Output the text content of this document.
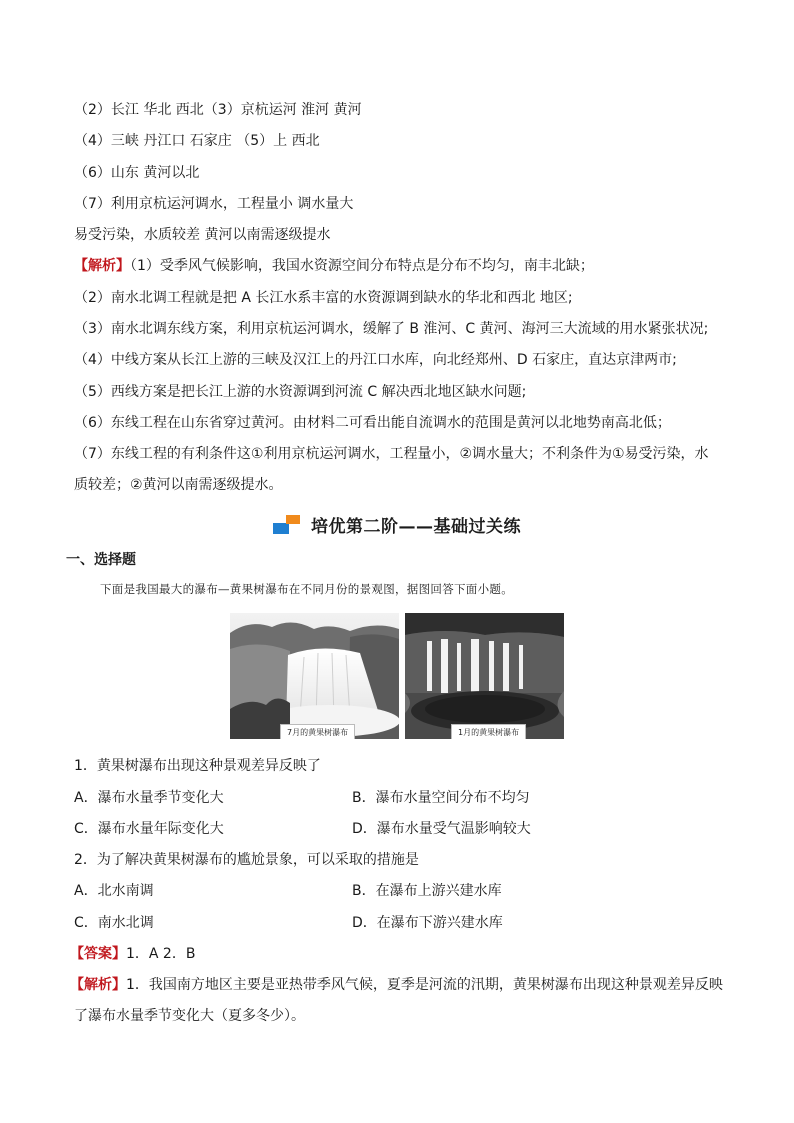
（2）长江 华北 西北（3）京杭运河 淮河 黄河
（4）三峡 丹江口 石家庄 （5）上 西北
（6）山东 黄河以北
（7）利用京杭运河调水，工程量小 调水量大
易受污染，水质较差 黄河以南需逐级提水
【解析】（1）受季风气候影响，我国水资源空间分布特点是分布不均匀，南丰北缺；
（2）南水北调工程就是把 A 长江水系丰富的水资源调到缺水的华北和西北 地区;
（3）南水北调东线方案，利用京杭运河调水，缓解了 B 淮河、C 黄河、海河三大流域的用水紧张状况;
（4）中线方案从长江上游的三峡及汉江上的丹江口水库，向北经郑州、D 石家庄，直达京津两市;
（5）西线方案是把长江上游的水资源调到河流 C 解决西北地区缺水问题;
（6）东线工程在山东省穿过黄河。由材料二可看出能自流调水的范围是黄河以北地势南高北低；
（7）东线工程的有利条件这①利用京杭运河调水，工程量小，②调水量大；不利条件为①易受污染，水
质较差；②黄河以南需逐级提水。
培优第二阶——基础过关练
一、选择题
下面是我国最大的瀑布—黄果树瀑布在不同月份的景观图，据图回答下面小题。
7月的黄果树瀑布	1月的黄果树瀑布
1．黄果树瀑布出现这种景观差异反映了
A．瀑布水量季节变化大	B．瀑布水量空间分布不均匀
C．瀑布水量年际变化大	D．瀑布水量受气温影响较大
2．为了解决黄果树瀑布的尴尬景象，可以采取的措施是
A．北水南调	B．在瀑布上游兴建水库
C．南水北调	D．在瀑布下游兴建水库
【答案】1．A 2．B
【解析】1．我国南方地区主要是亚热带季风气候，夏季是河流的汛期，黄果树瀑布出现这种景观差异反映
了瀑布水量季节变化大（夏多冬少）。
